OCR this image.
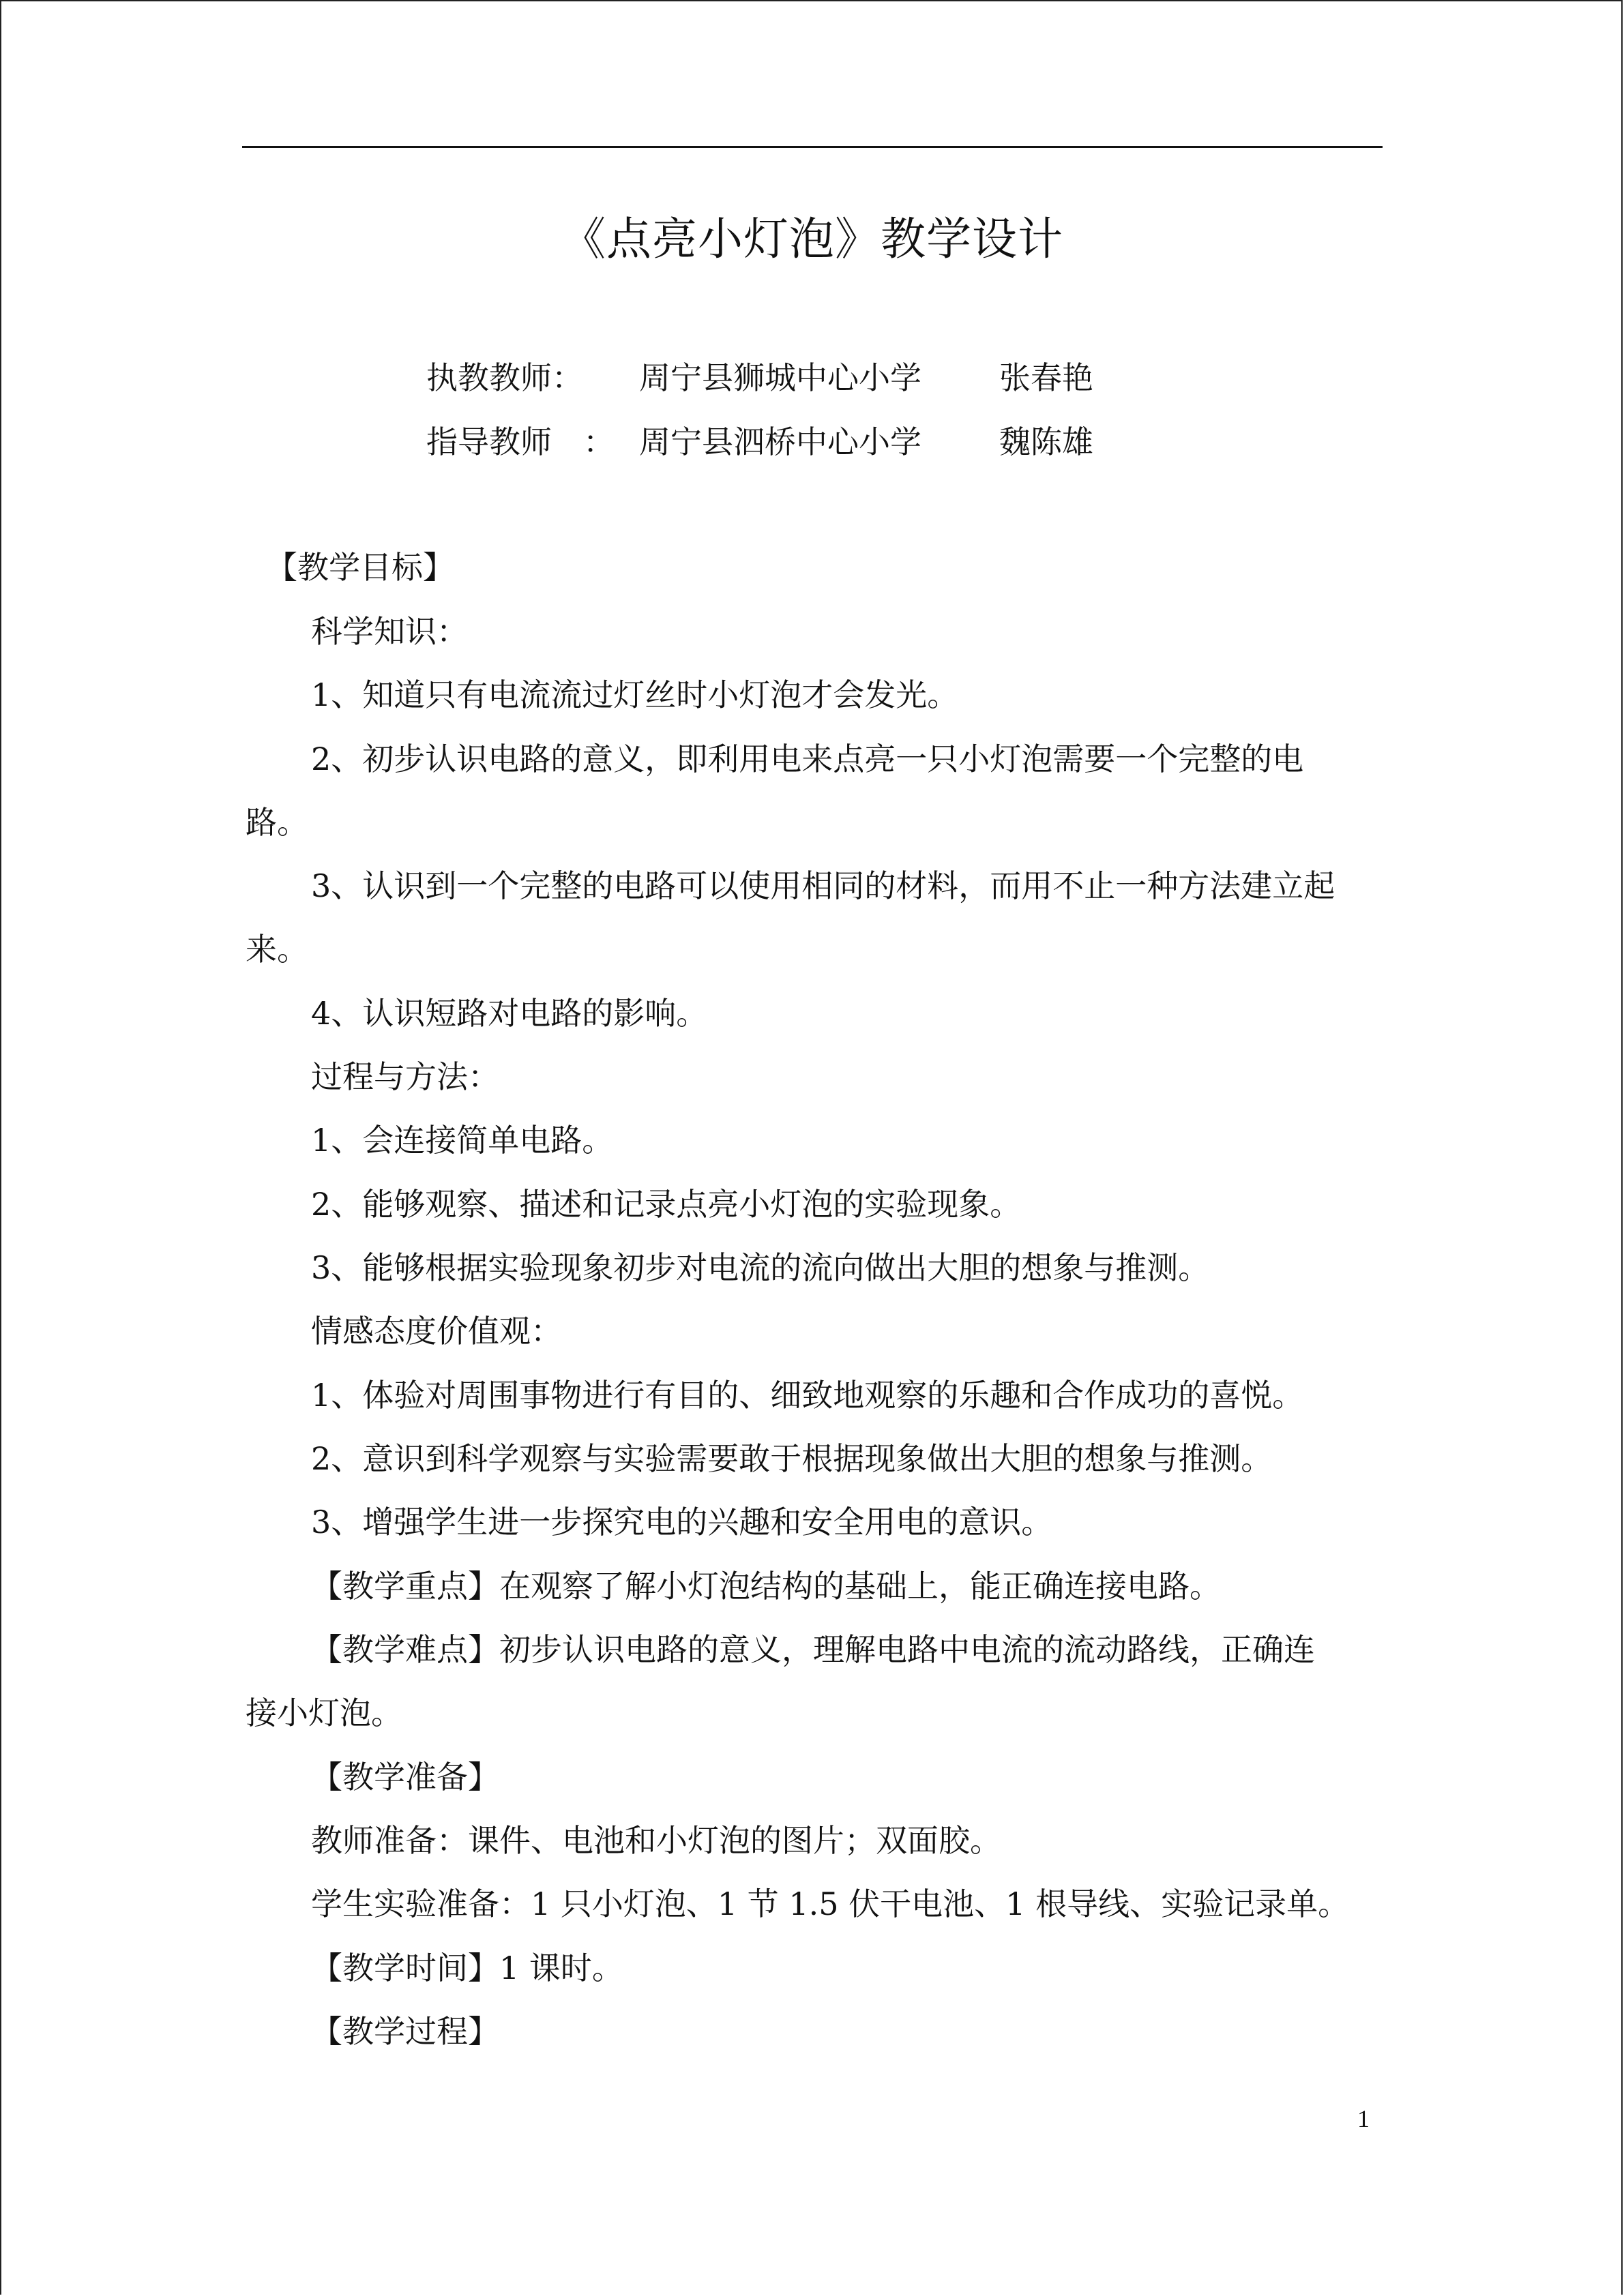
《点亮小灯泡》教学设计
执教教师： 周宁县狮城中心小学 张春艳
指导教师　： 周宁县泗桥中心小学 魏陈雄
【教学目标】
科学知识：
1、知道只有电流流过灯丝时小灯泡才会发光。
2、初步认识电路的意义，即利用电来点亮一只小灯泡需要一个完整的电
路。
3、认识到一个完整的电路可以使用相同的材料，而用不止一种方法建立起
来。
4、认识短路对电路的影响。
过程与方法：
1、会连接简单电路。
2、能够观察、描述和记录点亮小灯泡的实验现象。
3、能够根据实验现象初步对电流的流向做出大胆的想象与推测。
情感态度价值观：
1、体验对周围事物进行有目的、细致地观察的乐趣和合作成功的喜悦。
2、意识到科学观察与实验需要敢于根据现象做出大胆的想象与推测。
3、增强学生进一步探究电的兴趣和安全用电的意识。
【教学重点】在观察了解小灯泡结构的基础上，能正确连接电路。
【教学难点】初步认识电路的意义，理解电路中电流的流动路线，正确连
接小灯泡。
【教学准备】
教师准备：课件、电池和小灯泡的图片；双面胶。
学生实验准备：1 只小灯泡、1 节 1.5 伏干电池、1 根导线、实验记录单。
【教学时间】1 课时。
【教学过程】
1
